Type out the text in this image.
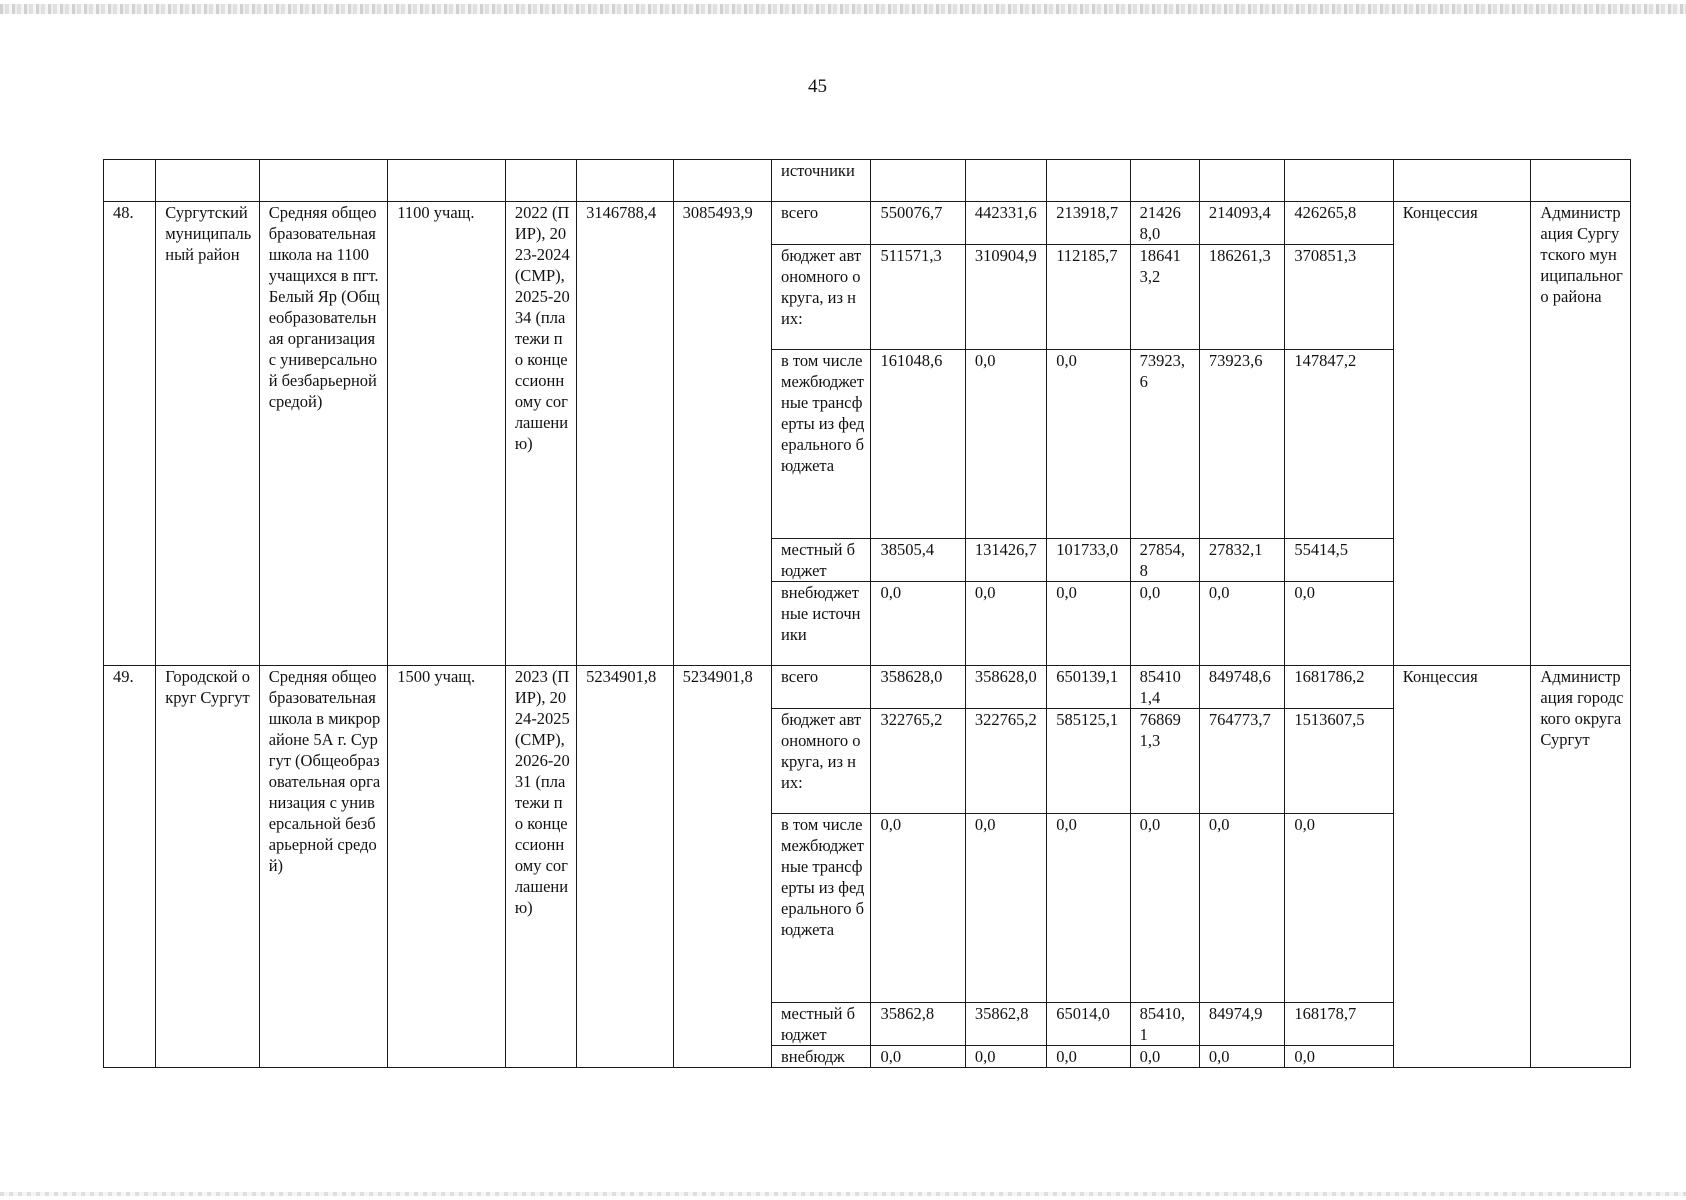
45
							источники								
48.	Сургутский муниципальный район	Средняя общеобразовательная школа на 1100 учащихся в пгт. Белый Яр (Общеобразовательная организация с универсальной безбарьерной средой)	1100 учащ.	2022 (ПИР), 2023-2024 (СМР), 2025-2034 (платежи по концессионному соглашению)	3146788,4	3085493,9	всего	550076,7	442331,6	213918,7	214268,0	214093,4	426265,8	Концессия	Администрация Сургутского муниципального района
							бюджет автономного округа, из них:	511571,3	310904,9	112185,7	186413,2	186261,3	370851,3		
							в том числе межбюджетные трансферты из федерального бюджета	161048,6	0,0	0,0	73923,6	73923,6	147847,2		
							местный бюджет	38505,4	131426,7	101733,0	27854,8	27832,1	55414,5		
							внебюджетные источники	0,0	0,0	0,0	0,0	0,0	0,0		
49.	Городской округ Сургут	Средняя общеобразовательная школа в микрорайоне 5А г. Сургут (Общеобразовательная организация с универсальной безбарьерной средой)	1500 учащ.	2023 (ПИР), 2024-2025 (СМР), 2026-2031 (платежи по концессионному соглашению)	5234901,8	5234901,8	всего	358628,0	358628,0	650139,1	854101,4	849748,6	1681786,2	Концессия	Администрация городского округа Сургут
							бюджет автономного округа, из них:	322765,2	322765,2	585125,1	768691,3	764773,7	1513607,5		
							в том числе межбюджетные трансферты из федерального бюджета	0,0	0,0	0,0	0,0	0,0	0,0		
							местный бюджет	35862,8	35862,8	65014,0	85410,1	84974,9	168178,7		
							внебюдж	0,0	0,0	0,0	0,0	0,0	0,0		
